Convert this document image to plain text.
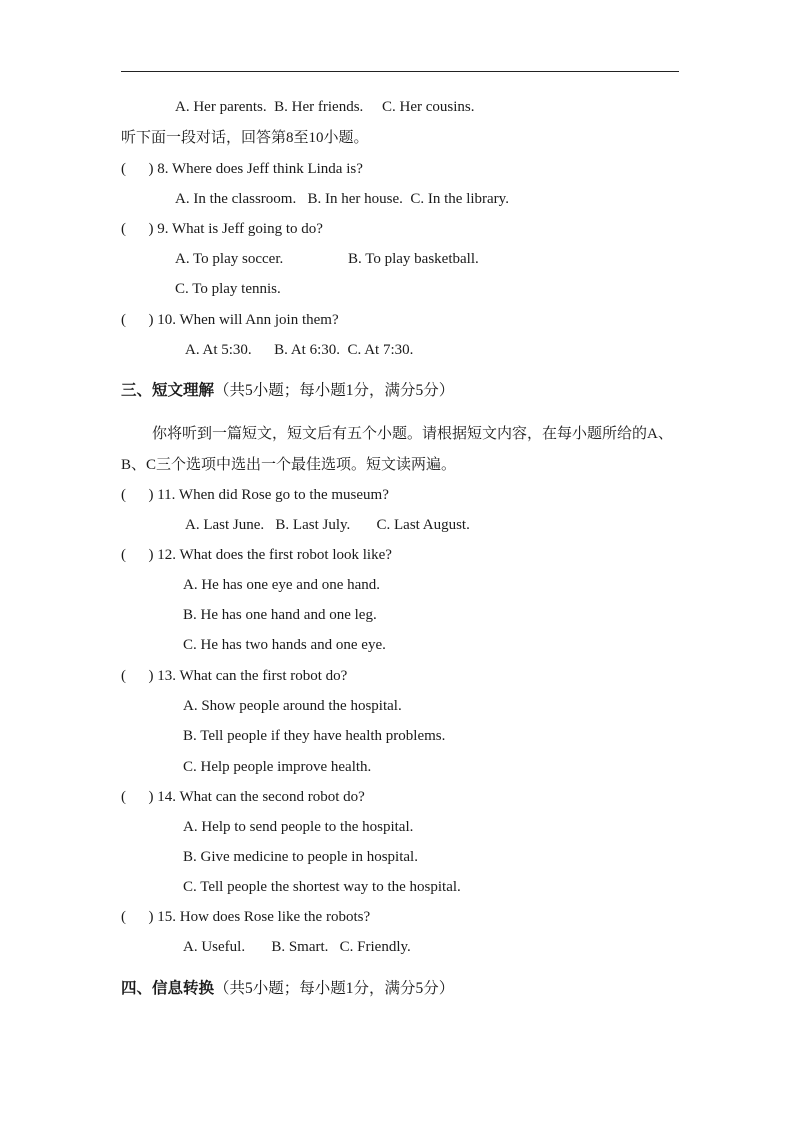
A. Her parents.  B. Her friends.     C. Her cousins.
听下面一段对话，回答第8至10小题。
(      ) 8. Where does Jeff think Linda is?
A. In the classroom.   B. In her house.  C. In the library.
(      ) 9. What is Jeff going to do?
A. To play soccer.	B. To play basketball.
C. To play tennis.
(      ) 10. When will Ann join them?
A. At 5:30.      B. At 6:30.  C. At 7:30.
三、短文理解（共5小题；每小题1分，满分5分）
你将听到一篇短文，短文后有五个小题。请根据短文内容，在每小题所给的A、
B、C三个选项中选出一个最佳选项。短文读两遍。
(      ) 11. When did Rose go to the museum?
A. Last June.   B. Last July.       C. Last August.
(      ) 12. What does the first robot look like?
A. He has one eye and one hand.
B. He has one hand and one leg.
C. He has two hands and one eye.
(      ) 13. What can the first robot do?
A. Show people around the hospital.
B. Tell people if they have health problems.
C. Help people improve health.
(      ) 14. What can the second robot do?
A. Help to send people to the hospital.
B. Give medicine to people in hospital.
C. Tell people the shortest way to the hospital.
(      ) 15. How does Rose like the robots?
A. Useful.       B. Smart.   C. Friendly.
四、信息转换（共5小题；每小题1分，满分5分）
